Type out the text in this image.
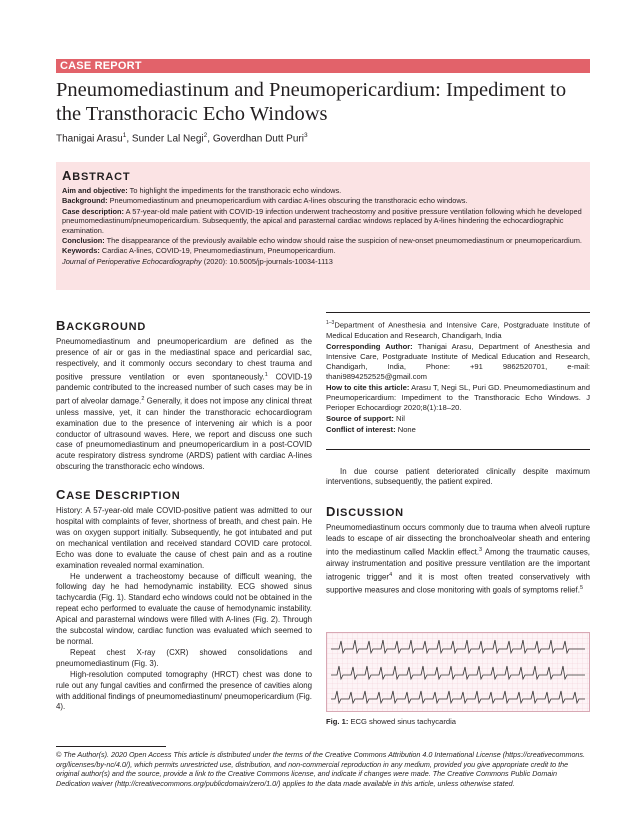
CASE REPORT
Pneumomediastinum and Pneumopericardium: Impediment to the Transthoracic Echo Windows
Thanigai Arasu$^1$, Sunder Lal Negi$^2$, Goverdhan Dutt Puri$^3$
ABSTRACT

Aim and objective: To highlight the impediments for the transthoracic echo windows.

Background: Pneumomediastinum and pneumopericardium with cardiac A-lines obscuring the transthoracic echo windows.

Case description: A 57-year-old male patient with COVID-19 infection underwent tracheostomy and positive pressure ventilation following which he developed pneumomediastinum/pneumopericardium. Subsequently, the apical and parasternal cardiac windows replaced by A-lines hindering the echocardiographic examination.

Conclusion: The disappearance of the previously available echo window should raise the suspicion of new-onset pneumomediastinum or pneumopericardium.

Keywords: Cardiac A-lines, COVID-19, Pneumomediastinum, Pneumopericardium.

Journal of Perioperative Echocardiography (2020): 10.5005/jp-journals-10034-1113

BACKGROUND

Pneumomediastinum and pneumopericardium are defined as the presence of air or gas in the mediastinal space and pericardial sac, respectively, and it commonly occurs secondary to chest trauma and positive pressure ventilation or even spontaneously.$^1$ COVID-19 pandemic contributed to the increased number of such cases may be in part of alveolar damage.$^2$ Generally, it does not impose any clinical threat unless massive, yet, it can hinder the transthoracic echocardiogram examination due to the presence of intervening air which is a poor conductor of ultrasound waves. Here, we report and discuss one such case of pneumomediastinum and pneumopericardium in a post-COVID acute respiratory distress syndrome (ARDS) patient with cardiac A-lines obscuring the transthoracic echo windows.

CASE DESCRIPTION

History: A 57-year-old male COVID-positive patient was admitted to our hospital with complaints of fever, shortness of breath, and chest pain. He was on oxygen support initially. Subsequently, he got intubated and put on mechanical ventilation and received standard COVID care protocol. Echo was done to evaluate the cause of chest pain and as a routine examination revealed normal examination.

He underwent a tracheostomy because of difficult weaning, the following day he had hemodynamic instability. ECG showed sinus tachycardia (Fig. 1). Standard echo windows could not be obtained in the repeat echo performed to evaluate the cause of hemodynamic instability. Apical and parasternal windows were filled with A-lines (Fig. 2). Through the subcostal window, cardiac function was evaluated which seemed to be normal.

Repeat chest X-ray (CXR) showed consolidations and pneumomediastinum (Fig. 3).

High-resolution computed tomography (HRCT) chest was done to rule out any fungal cavities and confirmed the presence of cavities along with additional findings of pneumomediastinum/ pneumopericardium (Fig. 4).

$^{1-3}$Department of Anesthesia and Intensive Care, Postgraduate Institute of Medical Education and Research, Chandigarh, India

Corresponding Author: Thanigai Arasu, Department of Anesthesia and Intensive Care, Postgraduate Institute of Medical Education and Research, Chandigarh, India, Phone: +91 9862520701, e-mail: thani9894252525@gmail.com

How to cite this article: Arasu T, Negi SL, Puri GD. Pneumomediastinum and Pneumopericardium: Impediment to the Transthoracic Echo Windows. J Perioper Echocardiogr 2020;8(1):18–20.

Source of support: Nil

Conflict of interest: None

In due course patient deteriorated clinically despite maximum interventions, subsequently, the patient expired.

DISCUSSION

Pneumomediastinum occurs commonly due to trauma when alveoli rupture leads to escape of air dissecting the bronchoalveolar sheath and entering into the mediastinum called Macklin effect.$^3$ Among the traumatic causes, airway instrumentation and positive pressure ventilation are the important iatrogenic trigger$^4$ and it is most often treated conservatively with supportive measures and close monitoring with goals of symptoms relief.$^5$

Fig. 1: ECG showed sinus tachycardia
© The Author(s). 2020 Open Access This article is distributed under the terms of the Creative Commons Attribution 4.0 International License (https://creativecommons. org/licenses/by-nc/4.0/), which permits unrestricted use, distribution, and non-commercial reproduction in any medium, provided you give appropriate credit to the original author(s) and the source, provide a link to the Creative Commons license, and indicate if changes were made. The Creative Commons Public Domain Dedication waiver (http://creativecommons.org/publicdomain/zero/1.0/) applies to the data made available in this article, unless otherwise stated.
